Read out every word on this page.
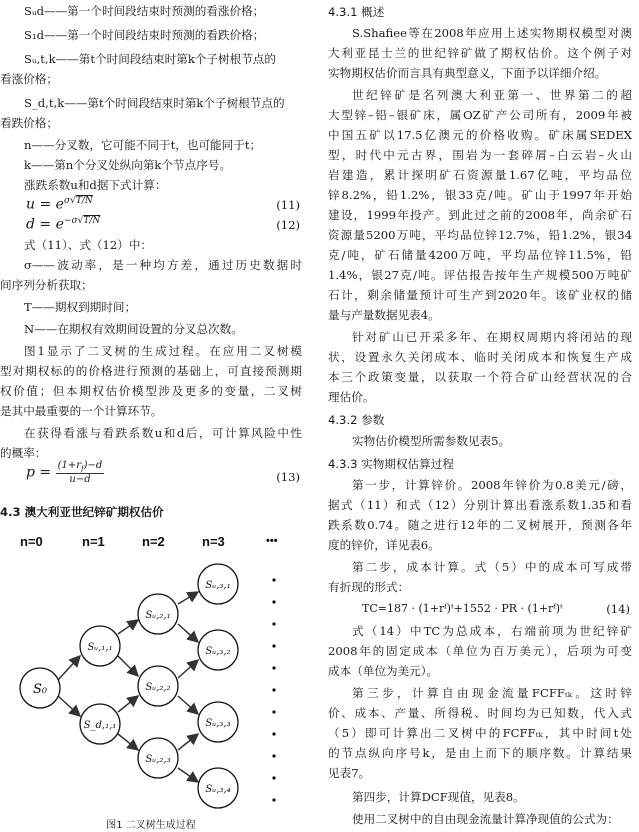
Sᵤd——第一个时间段结束时预测的看涨价格；
S₁d——第一个时间段结束时预测的看跌价格；
Sᵤ,t,k——第t个时间段结束时第k个子树根节点的
看涨价格；
S_d,t,k——第t个时间段结束时第k个子树根节点的
看跌价格；
n——分叉数，它可能不同于t，也可能同于t；
k——第n个分叉处纵向第k个节点序号。
涨跌系数u和d据下式计算：
$u = e^{\sigma√T/N}$	(11)
$d = e^{-\sigma√T/N}$	(12)
式（11）、式（12）中：
σ——波动率，是一种均方差，通过历史数据时
间序列分析获取；
T——期权到期时间；
N——在期权有效期间设置的分叉总次数。
图1显示了二叉树的生成过程。在应用二叉树模
型对期权标的的价格进行预测的基础上，可直接预测期
权价值；但本期权估价模型涉及更多的变量，二叉树
是其中最重要的一个计算环节。
在获得看涨与看跌系数u和d后，可计算风险中性
的概率：
$p = \frac{(1+r_f)-d}{u-d}$	(13)
4.3 澳大利亚世纪锌矿期权估价
n=0	n=1	n=2	n=3	•••
S₀
Sᵤ,₁,₁
S_d,₁,₁
Sᵤ,₂,₁
Sᵤ,₂,₂
Sᵤ,₂,₃
Sᵤ,₃,₁
Sᵤ,₃,₂
Sᵤ,₃,₃
Sᵤ,₃,₄
图1 二叉树生成过程
4.3.1 概述
S.Shafiee等在2008年应用上述实物期权模型对澳
大利亚昆士兰的世纪锌矿做了期权估价。这个例子对
实物期权估价而言具有典型意义，下面予以详细介绍。
世纪锌矿是名列澳大利亚第一、世界第二的超
大型锌–铅–银矿床，属OZ矿产公司所有，2009年被
中国五矿以17.5亿澳元的价格收购。矿床属SEDEX
型，时代中元古界，围岩为一套碎屑–白云岩–火山
岩建造，累计探明矿石资源量1.67亿吨，平均品位
锌8.2%，铅1.2%，银33克/吨。矿山于1997年开始
建设，1999年投产。到此过之前的2008年，尚余矿石
资源量5200万吨，平均品位锌12.7%，铅1.2%，银34
克/吨，矿石储量4200万吨，平均品位锌11.5%，铅
1.4%，银27克/吨。评估报告按年生产规模500万吨矿
石计，剩余储量预计可生产到2020年。该矿业权的储
量与产量数据见表4。
针对矿山已开采多年、在期权周期内将闭站的现
状，设置永久关闭成本、临时关闭成本和恢复生产成
本三个政策变量，以获取一个符合矿山经营状况的合
理估价。
4.3.2 参数
实物估价模型所需参数见表5。
4.3.3 实物期权估算过程
第一步，计算锌价。2008年锌价为0.8美元/磅，
据式（11）和式（12）分别计算出看涨系数1.35和看
跌系数0.74。随之进行12年的二叉树展开，预测各年
度的锌价，详见表6。
第二步，成本计算。式（5）中的成本可写成带
有折现的形式：
TC=187 · (1+rᶠ)ᵗ+1552 · PR · (1+rᶠ)ᵗ	(14)
式（14）中TC为总成本，右端前项为世纪锌矿
2008年的固定成本（单位为百万美元），后项为可变
成本（单位为美元）。
第三步，计算自由现金流量FCFFₜₖ。这时锌
价、成本、产量、所得税、时间均为已知数，代入式
（5）即可计算出二叉树中的FCFFₜₖ，其中时间t处
的节点纵向序号k，是由上而下的顺序数。计算结果
见表7。
第四步，计算DCF现值，见表8。
使用二叉树中的自由现金流量计算净现值的公式为：
